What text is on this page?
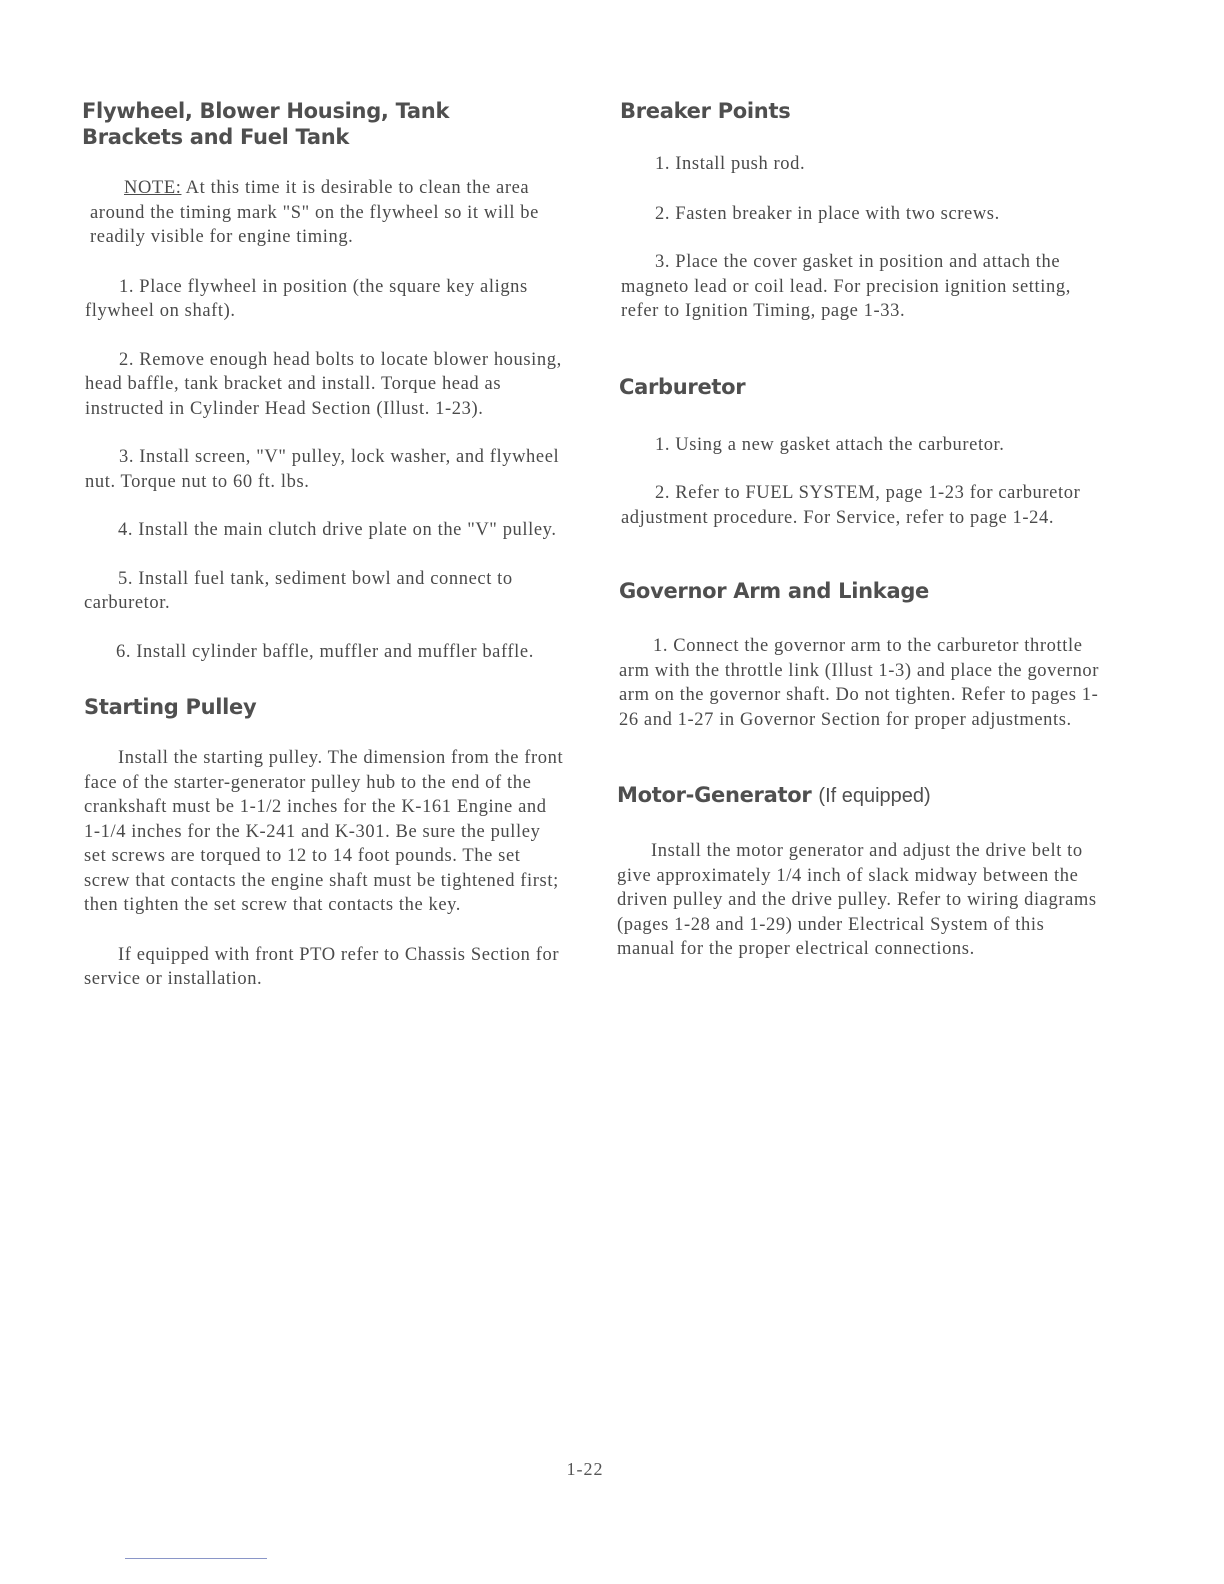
Flywheel, Blower Housing, Tank
Brackets and Fuel Tank

NOTE: At this time it is desirable to clean the area around the timing mark "S" on the flywheel so it will be readily visible for engine timing.

1. Place flywheel in position (the square key aligns flywheel on shaft).

2. Remove enough head bolts to locate blower housing, head baffle, tank bracket and install. Torque head as instructed in Cylinder Head Section (Illust. 1-23).

3. Install screen, "V" pulley, lock washer, and flywheel nut. Torque nut to 60 ft. lbs.

4. Install the main clutch drive plate on the "V" pulley.

5. Install fuel tank, sediment bowl and connect to carburetor.

6. Install cylinder baffle, muffler and muffler baffle.

Starting Pulley

Install the starting pulley. The dimension from the front face of the starter-generator pulley hub to the end of the crankshaft must be 1-1/2 inches for the K-161 Engine and 1-1/4 inches for the K-241 and K-301. Be sure the pulley set screws are torqued to 12 to 14 foot pounds. The set screw that contacts the engine shaft must be tightened first; then tighten the set screw that contacts the key.

If equipped with front PTO refer to Chassis Section for service or installation.

Breaker Points

1. Install push rod.

2. Fasten breaker in place with two screws.

3. Place the cover gasket in position and attach the magneto lead or coil lead. For precision ignition setting, refer to Ignition Timing, page 1-33.

Carburetor

1. Using a new gasket attach the carburetor.

2. Refer to FUEL SYSTEM, page 1-23 for carburetor adjustment procedure. For Service, refer to page 1-24.

Governor Arm and Linkage

1. Connect the governor arm to the carburetor throttle arm with the throttle link (Illust 1-3) and place the governor arm on the governor shaft. Do not tighten. Refer to pages 1-26 and 1-27 in Governor Section for proper adjustments.

Motor-Generator (If equipped)

Install the motor generator and adjust the drive belt to give approximately 1/4 inch of slack midway between the driven pulley and the drive pulley. Refer to wiring diagrams (pages 1-28 and 1-29) under Electrical System of this manual for the proper electrical connections.

1-22
